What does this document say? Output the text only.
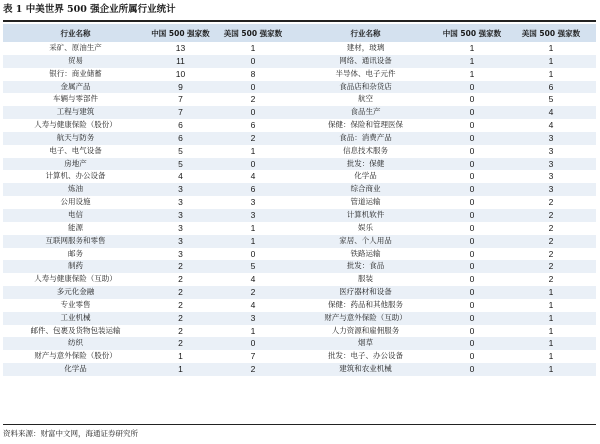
表 1 中美世界 500 强企业所属行业统计
行业名称	中国 500 强家数	美国 500 强家数	行业名称	中国 500 强家数	美国 500 强家数
采矿、原油生产	13	1	建材，玻璃	1	1
贸易	11	0	网络、通讯设备	1	1
银行：商业储蓄	10	8	半导体、电子元件	1	1
金属产品	9	0	食品店和杂货店	0	6
车辆与零部件	7	2	航空	0	5
工程与建筑	7	0	食品生产	0	4
人寿与健康保险（股份）	6	6	保健：保险和管理医保	0	4
航天与防务	6	2	食品：消费产品	0	3
电子、电气设备	5	1	信息技术服务	0	3
房地产	5	0	批发：保健	0	3
计算机、办公设备	4	4	化学品	0	3
炼油	3	6	综合商业	0	3
公用设施	3	3	管道运输	0	2
电信	3	3	计算机软件	0	2
能源	3	1	娱乐	0	2
互联网服务和零售	3	1	家居、个人用品	0	2
邮务	3	0	铁路运输	0	2
制药	2	5	批发：食品	0	2
人寿与健康保险（互助）	2	4	服装	0	2
多元化金融	2	2	医疗器材和设备	0	1
专业零售	2	4	保健：药品和其他服务	0	1
工业机械	2	3	财产与意外保险（互助）	0	1
邮件、包裹及货物包装运输	2	1	人力资源和雇佣服务	0	1
纺织	2	0	烟草	0	1
财产与意外保险（股份）	1	7	批发：电子、办公设备	0	1
化学品	1	2	建筑和农业机械	0	1
资料来源：财富中文网，海通证券研究所
